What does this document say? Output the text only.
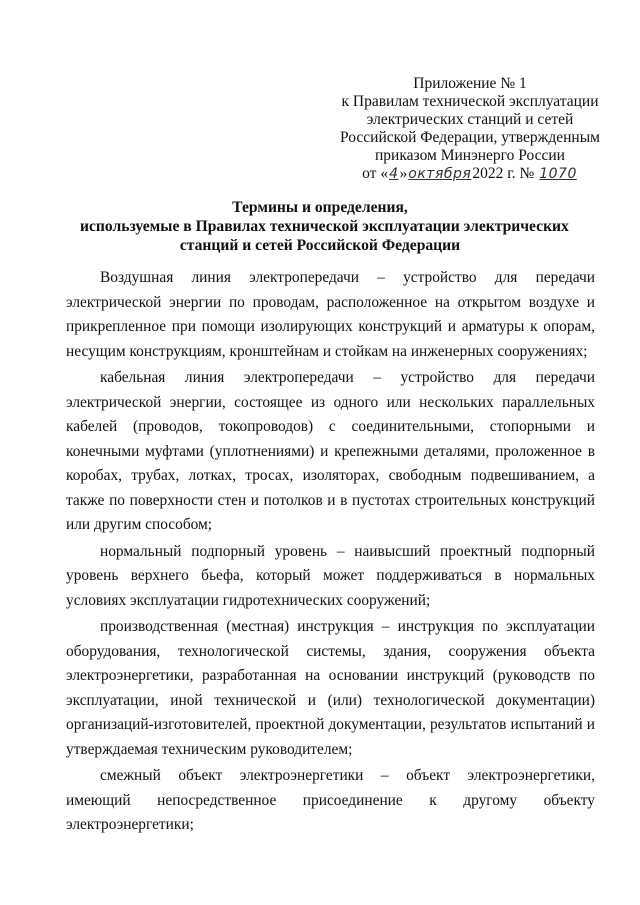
Приложение № 1
к Правилам технической эксплуатации
электрических станций и сетей
Российской Федерации, утвержденным
приказом Минэнерго России
от «4»октября2022 г. № 1070
Термины и определения,
используемые в Правилах технической эксплуатации электрических
станций и сетей Российской Федерации

Воздушная линия электропередачи – устройство для передачи электрической энергии по проводам, расположенное на открытом воздухе и прикрепленное при помощи изолирующих конструкций и арматуры к опорам, несущим конструкциям, кронштейнам и стойкам на инженерных сооружениях;

кабельная линия электропередачи – устройство для передачи электрической энергии, состоящее из одного или нескольких параллельных кабелей (проводов, токопроводов) с соединительными, стопорными и конечными муфтами (уплотнениями) и крепежными деталями, проложенное в коробах, трубах, лотках, тросах, изоляторах, свободным подвешиванием, а также по поверхности стен и потолков и в пустотах строительных конструкций или другим способом;

нормальный подпорный уровень – наивысший проектный подпорный уровень верхнего бьефа, который может поддерживаться в нормальных условиях эксплуатации гидротехнических сооружений;

производственная (местная) инструкция – инструкция по эксплуатации оборудования, технологической системы, здания, сооружения объекта электроэнергетики, разработанная на основании инструкций (руководств по эксплуатации, иной технической и (или) технологической документации) организаций-изготовителей, проектной документации, результатов испытаний и утверждаемая техническим руководителем;

смежный объект электроэнергетики – объект электроэнергетики, имеющий непосредственное присоединение к другому объекту электроэнергетики;
